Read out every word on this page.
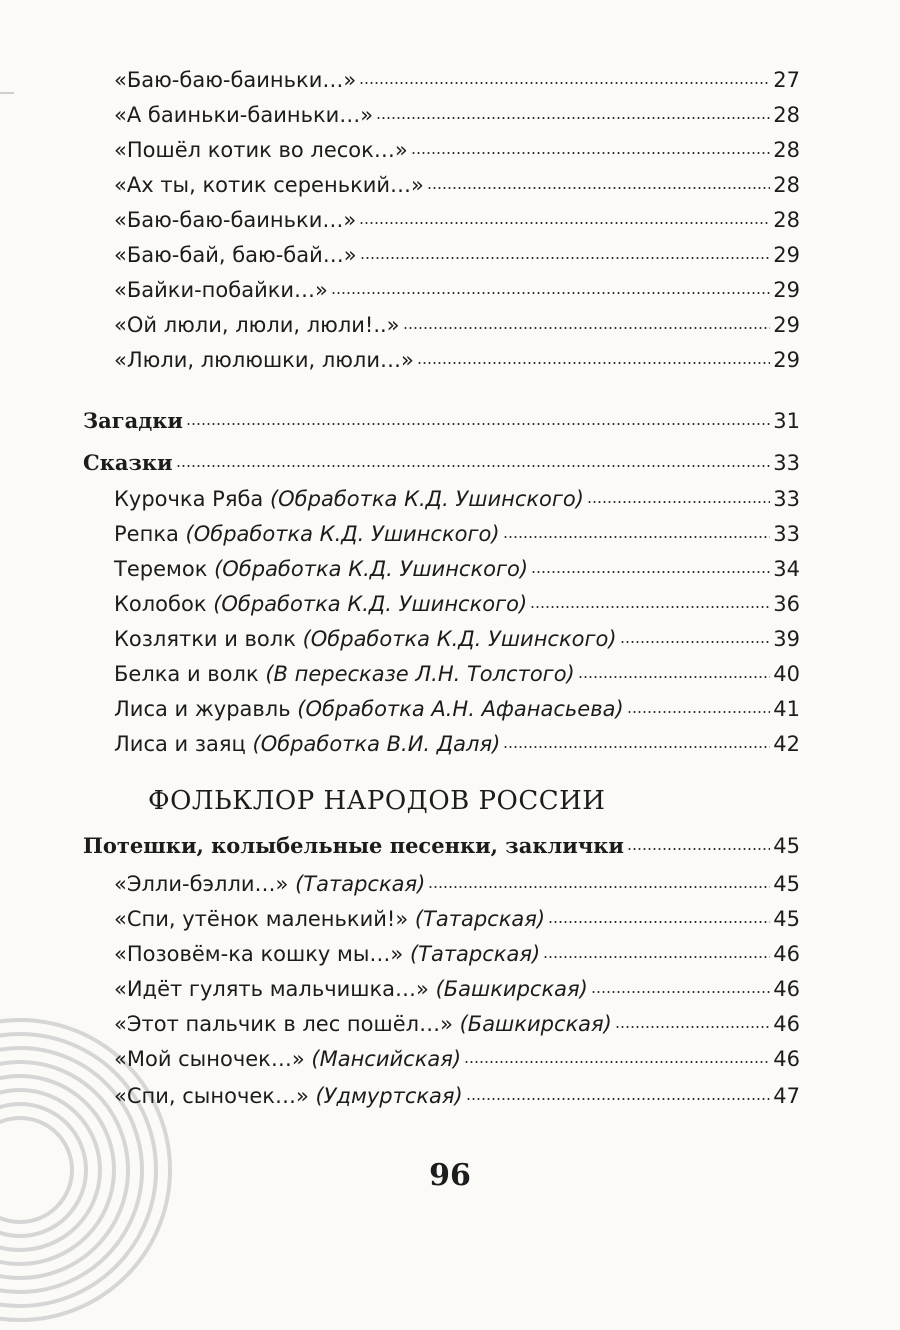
«Баю-баю-баиньки…»	27
«А баиньки-баиньки…»	28
«Пошёл котик во лесок…»	28
«Ах ты, котик серенький…»	28
«Баю-баю-баиньки…»	28
«Баю-бай, баю-бай…»	29
«Байки-побайки…»	29
«Ой люли, люли, люли!..»	29
«Люли, люлюшки, люли…»	29
Загадки	31
Сказки	33
Курочка Ряба (Обработка К.Д. Ушинского)	33
Репка (Обработка К.Д. Ушинского)	33
Теремок (Обработка К.Д. Ушинского)	34
Колобок (Обработка К.Д. Ушинского)	36
Козлятки и волк (Обработка К.Д. Ушинского)	39
Белка и волк (В пересказе Л.Н. Толстого)	40
Лиса и журавль (Обработка А.Н. Афанасьева)	41
Лиса и заяц (Обработка В.И. Даля)	42
ФОЛЬКЛОР НАРОДОВ РОССИИ
Потешки, колыбельные песенки, заклички	45
«Элли-бэлли…» (Татарская)	45
«Спи, утёнок маленький!» (Татарская)	45
«Позовём-ка кошку мы…» (Татарская)	46
«Идёт гулять мальчишка…» (Башкирская)	46
«Этот пальчик в лес пошёл…» (Башкирская)	46
«Мой сыночек…» (Мансийская)	46
«Спи, сыночек…» (Удмуртская)	47
96
